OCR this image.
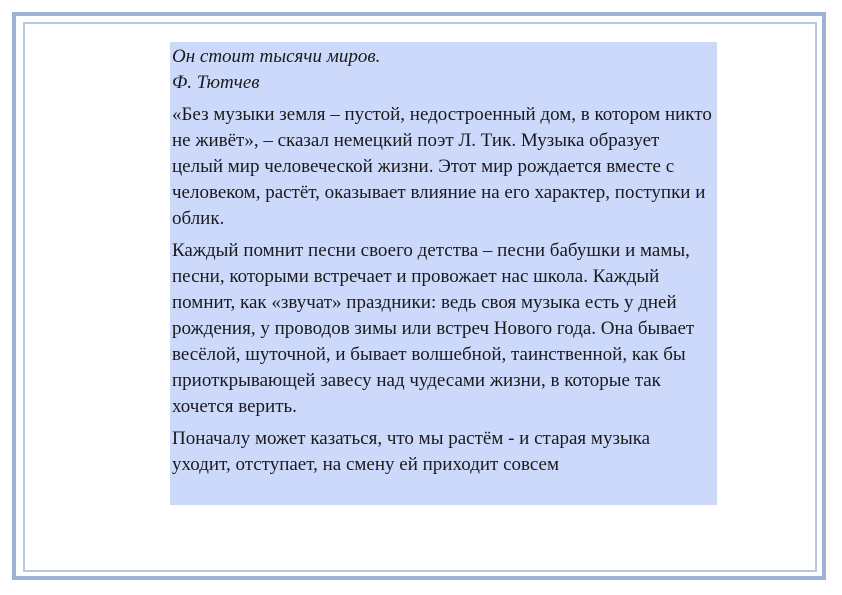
Он стоит тысячи миров.

Ф. Тютчев

«Без музыки земля – пустой, недостроенный дом, в котором никто не живёт», – сказал немецкий поэт Л. Тик. Музыка образует целый мир человеческой жизни. Этот мир рождается вместе с человеком, растёт, оказывает влияние на его характер, поступки и облик.

Каждый помнит песни своего детства – песни бабушки и мамы, песни, которыми встречает и провожает нас школа. Каждый помнит, как «звучат» праздники: ведь своя музыка есть у дней рождения, у проводов зимы или встреч Нового года. Она бывает весёлой, шуточной, и бывает волшебной, таинственной, как бы приоткрывающей завесу над чудесами жизни, в которые так хочется верить.

Поначалу может казаться, что мы растём - и старая музыка уходит, отступает, на смену ей приходит совсем
